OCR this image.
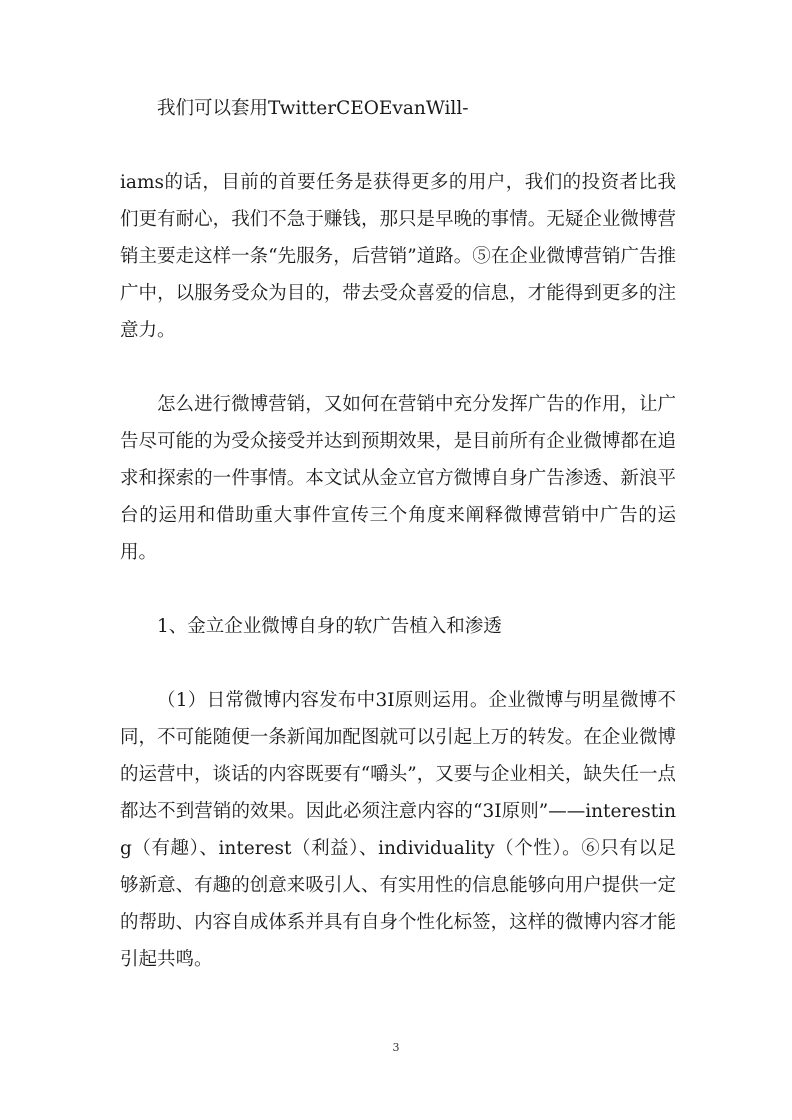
我们可以套用TwitterCEOEvanWill-

iams的话，目前的首要任务是获得更多的用户，我们的投资者比我们更有耐心，我们不急于赚钱，那只是早晚的事情。无疑企业微博营销主要走这样一条“先服务，后营销”道路。⑤在企业微博营销广告推广中，以服务受众为目的，带去受众喜爱的信息，才能得到更多的注意力。

怎么进行微博营销，又如何在营销中充分发挥广告的作用，让广告尽可能的为受众接受并达到预期效果，是目前所有企业微博都在追求和探索的一件事情。本文试从金立官方微博自身广告渗透、新浪平台的运用和借助重大事件宣传三个角度来阐释微博营销中广告的运用。

1、金立企业微博自身的软广告植入和渗透

（1）日常微博内容发布中3I原则运用。企业微博与明星微博不同，不可能随便一条新闻加配图就可以引起上万的转发。在企业微博的运营中，谈话的内容既要有“嚼头”，又要与企业相关，缺失任一点都达不到营销的效果。因此必须注意内容的“3I原则”——interesting（有趣）、interest（利益）、individuality（个性）。⑥只有以足够新意、有趣的创意来吸引人、有实用性的信息能够向用户提供一定的帮助、内容自成体系并具有自身个性化标签，这样的微博内容才能引起共鸣。

3
